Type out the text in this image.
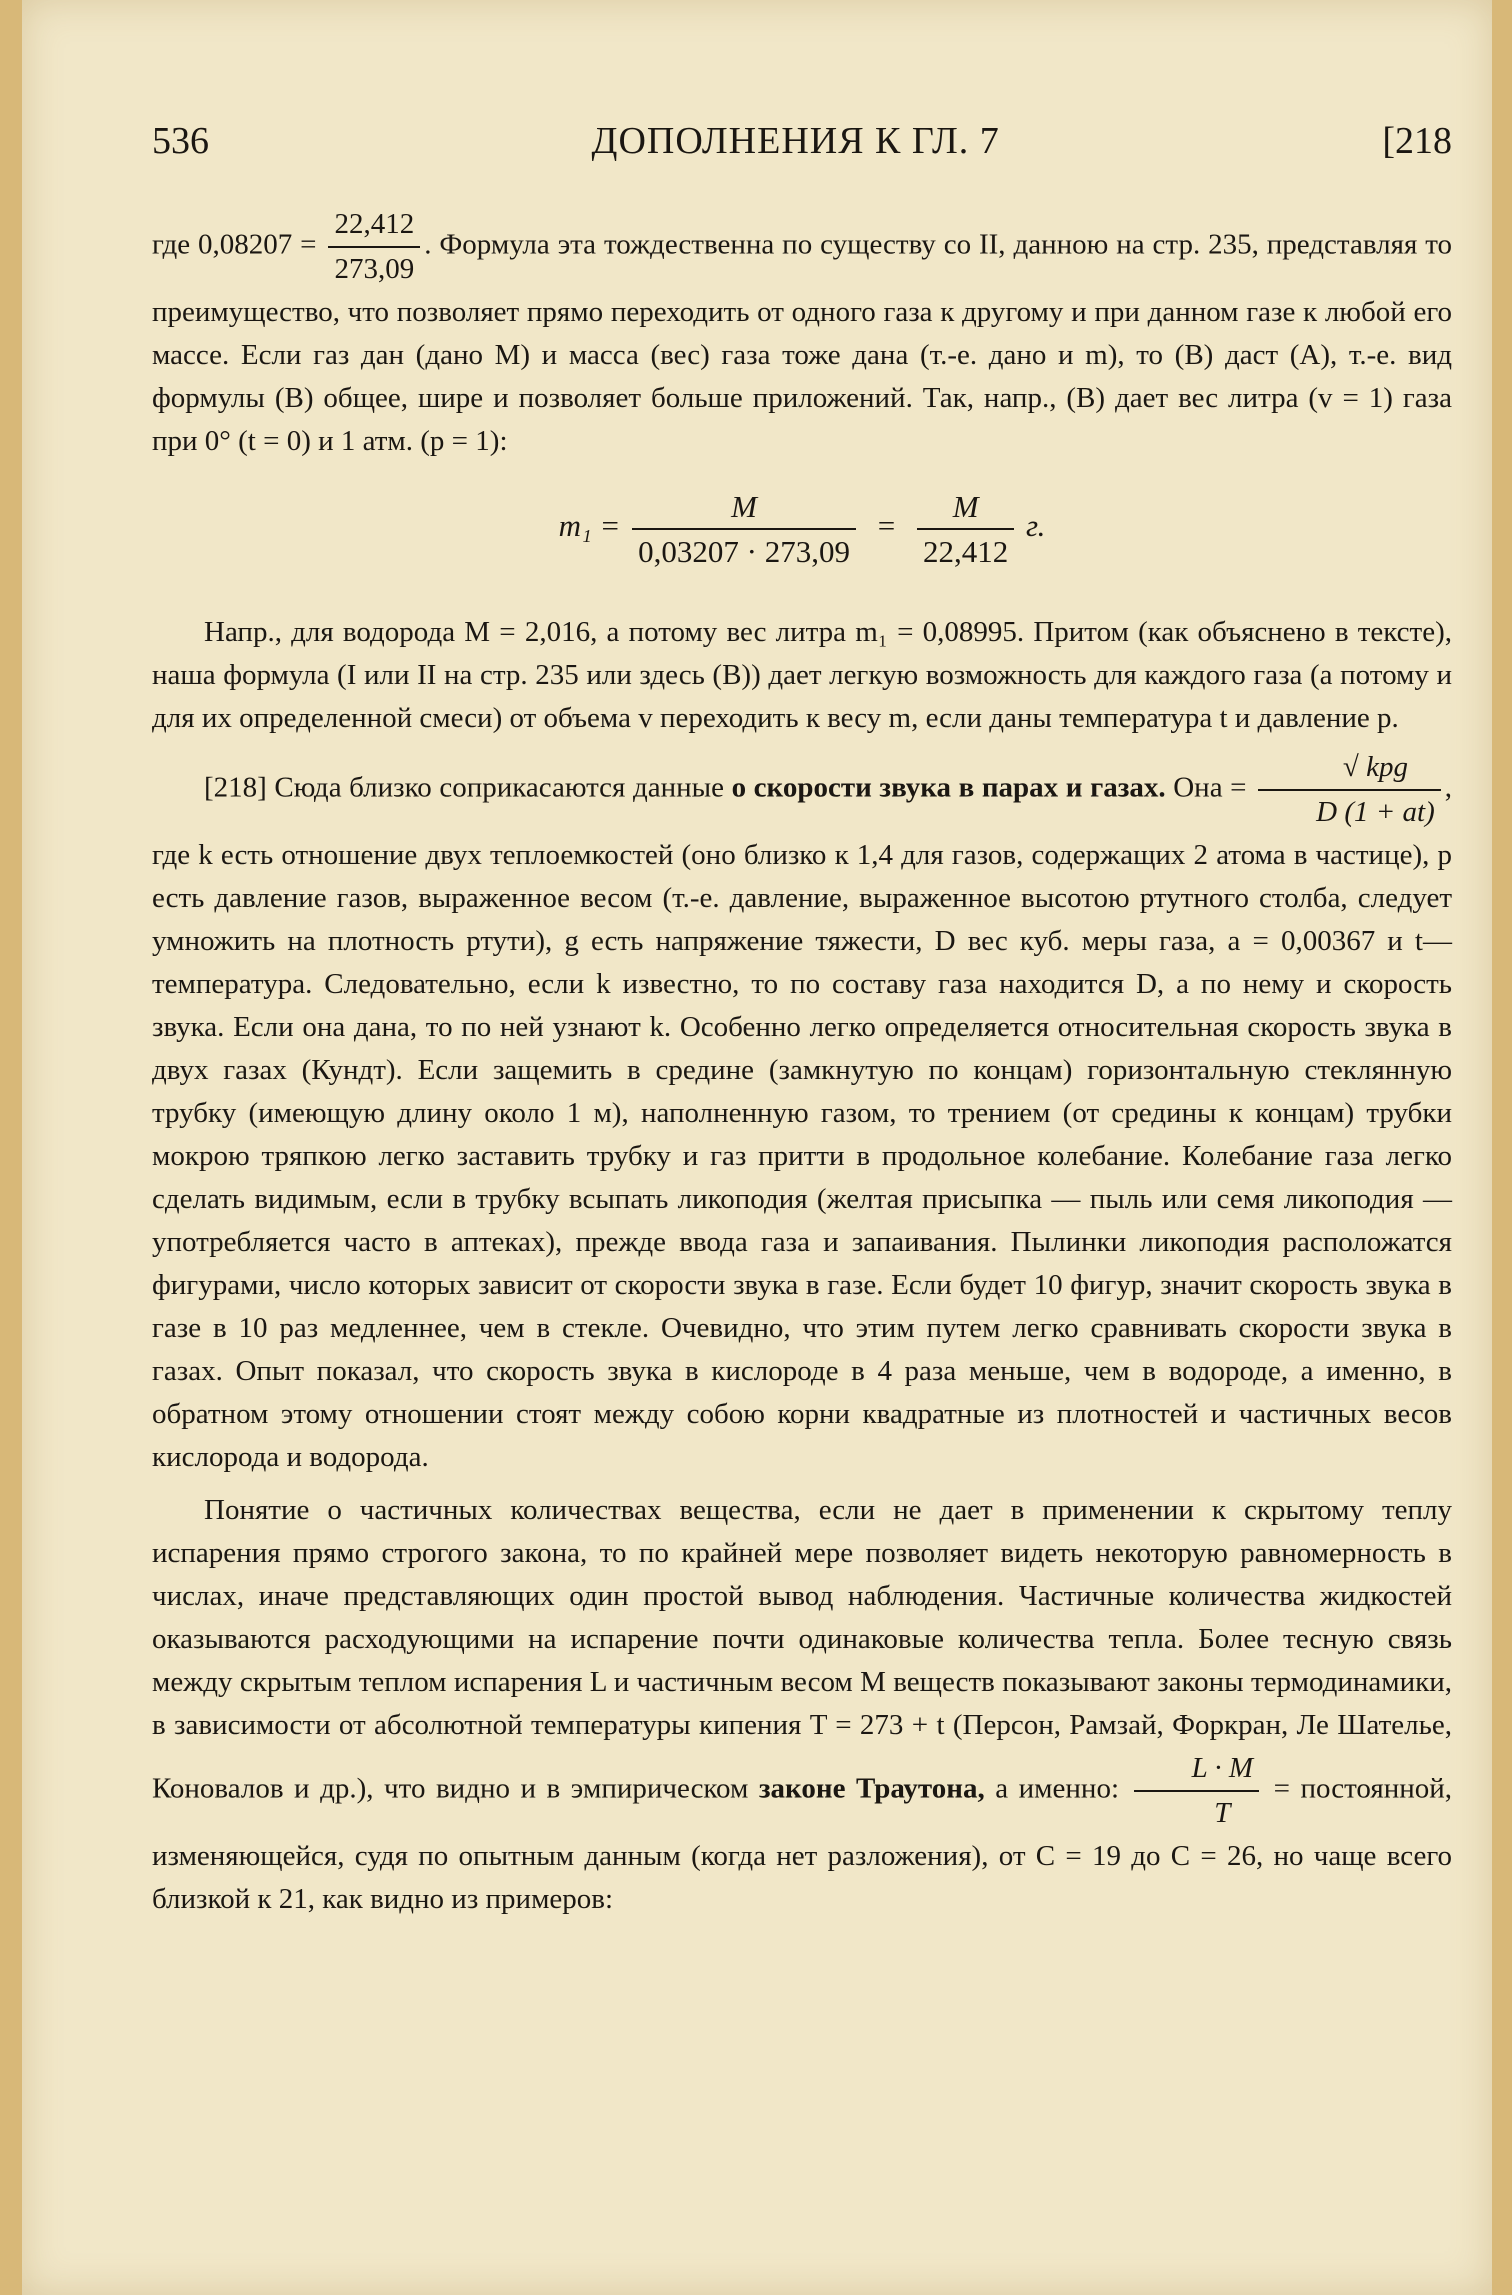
536	ДОПОЛНЕНИЯ К ГЛ. 7	[218

где $0,08207 = \frac{22,412}{273,09}$ . Формула эта тождественна по существу со II, данною на стр. 235, представляя то преимущество, что позволяет прямо переходить от одного газа к другому и при данном газе к любой его массе. Если газ дан (дано M) и масса (вес) газа тоже дана (т.-е. дано и m), то (B) даст (A), т.-е. вид формулы (B) общее, шире и позволяет больше приложений. Так, напр., (B) дает вес литра (v = 1) газа при 0° (t = 0) и 1 атм. (p = 1):

$m_1 = \frac{M}{0,03207 \cdot 273,09} = \frac{M}{22,412} г$.

Напр., для водорода M = 2,016, а потому вес литра m₁ = 0,08995. Притом (как объяснено в тексте), наша формула (I или II на стр. 235 или здесь (B)) дает легкую возможность для каждого газа (а потому и для их определенной смеси) от объема v переходить к весу m, если даны температура t и давление p.

[218] Сюда близко соприкасаются данные о скорости звука в парах и газах. Она = $\frac{\text{√ kpg}}{D (1 + at)}$ , где k есть отношение двух теплоемкостей (оно близко к 1,4 для газов, содержащих 2 атома в частице), p есть давление газов, выраженное весом (т.-е. давление, выраженное высотою ртутного столба, следует умножить на плотность ртути), g есть напряжение тяжести, D вес куб. меры газа, a = 0,00367 и t—температура. Следовательно, если k известно, то по составу газа находится D, а по нему и скорость звука. Если она дана, то по ней узнают k. Особенно легко определяется относительная скорость звука в двух газах (Кундт). Если защемить в средине (замкнутую по концам) горизонтальную стеклянную трубку (имеющую длину около 1 м), наполненную газом, то трением (от средины к концам) трубки мокрою тряпкою легко заставить трубку и газ притти в продольное колебание. Колебание газа легко сделать видимым, если в трубку всыпать ликоподия (желтая присыпка — пыль или семя ликоподия — употребляется часто в аптеках), прежде ввода газа и запаивания. Пылинки ликоподия расположатся фигурами, число которых зависит от скорости звука в газе. Если будет 10 фигур, значит скорость звука в газе в 10 раз медленнее, чем в стекле. Очевидно, что этим путем легко сравнивать скорости звука в газах. Опыт показал, что скорость звука в кислороде в 4 раза меньше, чем в водороде, а именно, в обратном этому отношении стоят между собою корни квадратные из плотностей и частичных весов кислорода и водорода.

Понятие о частичных количествах вещества, если не дает в применении к скрытому теплу испарения прямо строгого закона, то по крайней мере позволяет видеть некоторую равномерность в числах, иначе представляющих один простой вывод наблюдения. Частичные количества жидкостей оказываются расходующими на испарение почти одинаковые количества тепла. Более тесную связь между скрытым теплом испарения L и частичным весом M веществ показывают законы термодинамики, в зависимости от абсолютной температуры кипения T = 273 + t (Персон, Рамзай, Форкран, Ле Шателье, Коновалов и др.), что видно и в эмпирическом законе Траутона, а именно: $\frac{L \cdot M}{T}$ = постоянной, изменяющейся, судя по опытным данным (когда нет разложения), от C = 19 до C = 26, но чаще всего близкой к 21, как видно из примеров:
